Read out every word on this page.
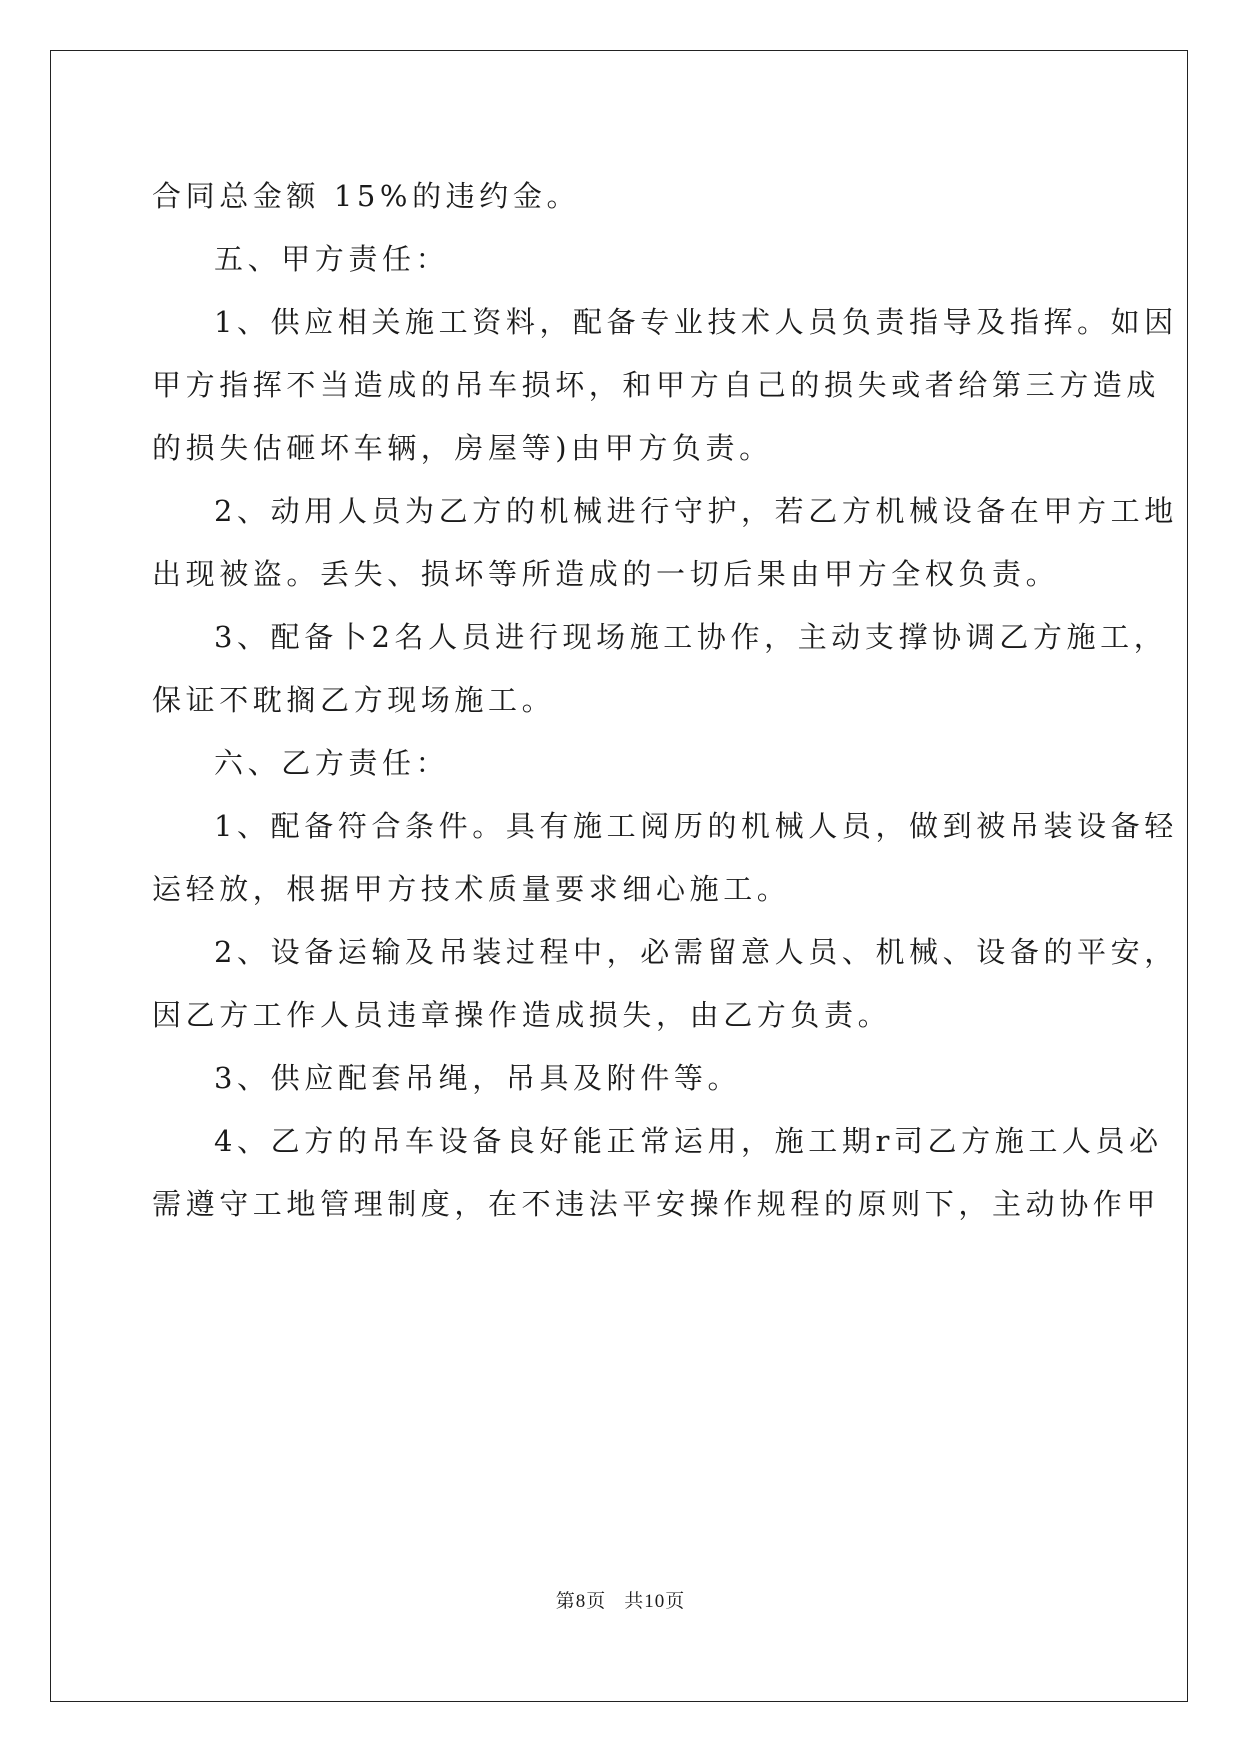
合同总金额 15%的违约金。

五、甲方责任：

1、供应相关施工资料，配备专业技术人员负责指导及指挥。如因

甲方指挥不当造成的吊车损坏，和甲方自己的损失或者给第三方造成

的损失估砸坏车辆，房屋等)由甲方负责。

2、动用人员为乙方的机械进行守护，若乙方机械设备在甲方工地

出现被盗。丢失、损坏等所造成的一切后果由甲方全权负责。

3、配备卜2名人员进行现场施工协作，主动支撑协调乙方施工，

保证不耽搁乙方现场施工。

六、乙方责任：

1、配备符合条件。具有施工阅历的机械人员，做到被吊装设备轻

运轻放，根据甲方技术质量要求细心施工。

2、设备运输及吊装过程中，必需留意人员、机械、设备的平安，

因乙方工作人员违章操作造成损失，由乙方负责。

3、供应配套吊绳，吊具及附件等。

4、乙方的吊车设备良好能正常运用，施工期r司乙方施工人员必

需遵守工地管理制度，在不违法平安操作规程的原则下，主动协作甲

第8页 共10页
